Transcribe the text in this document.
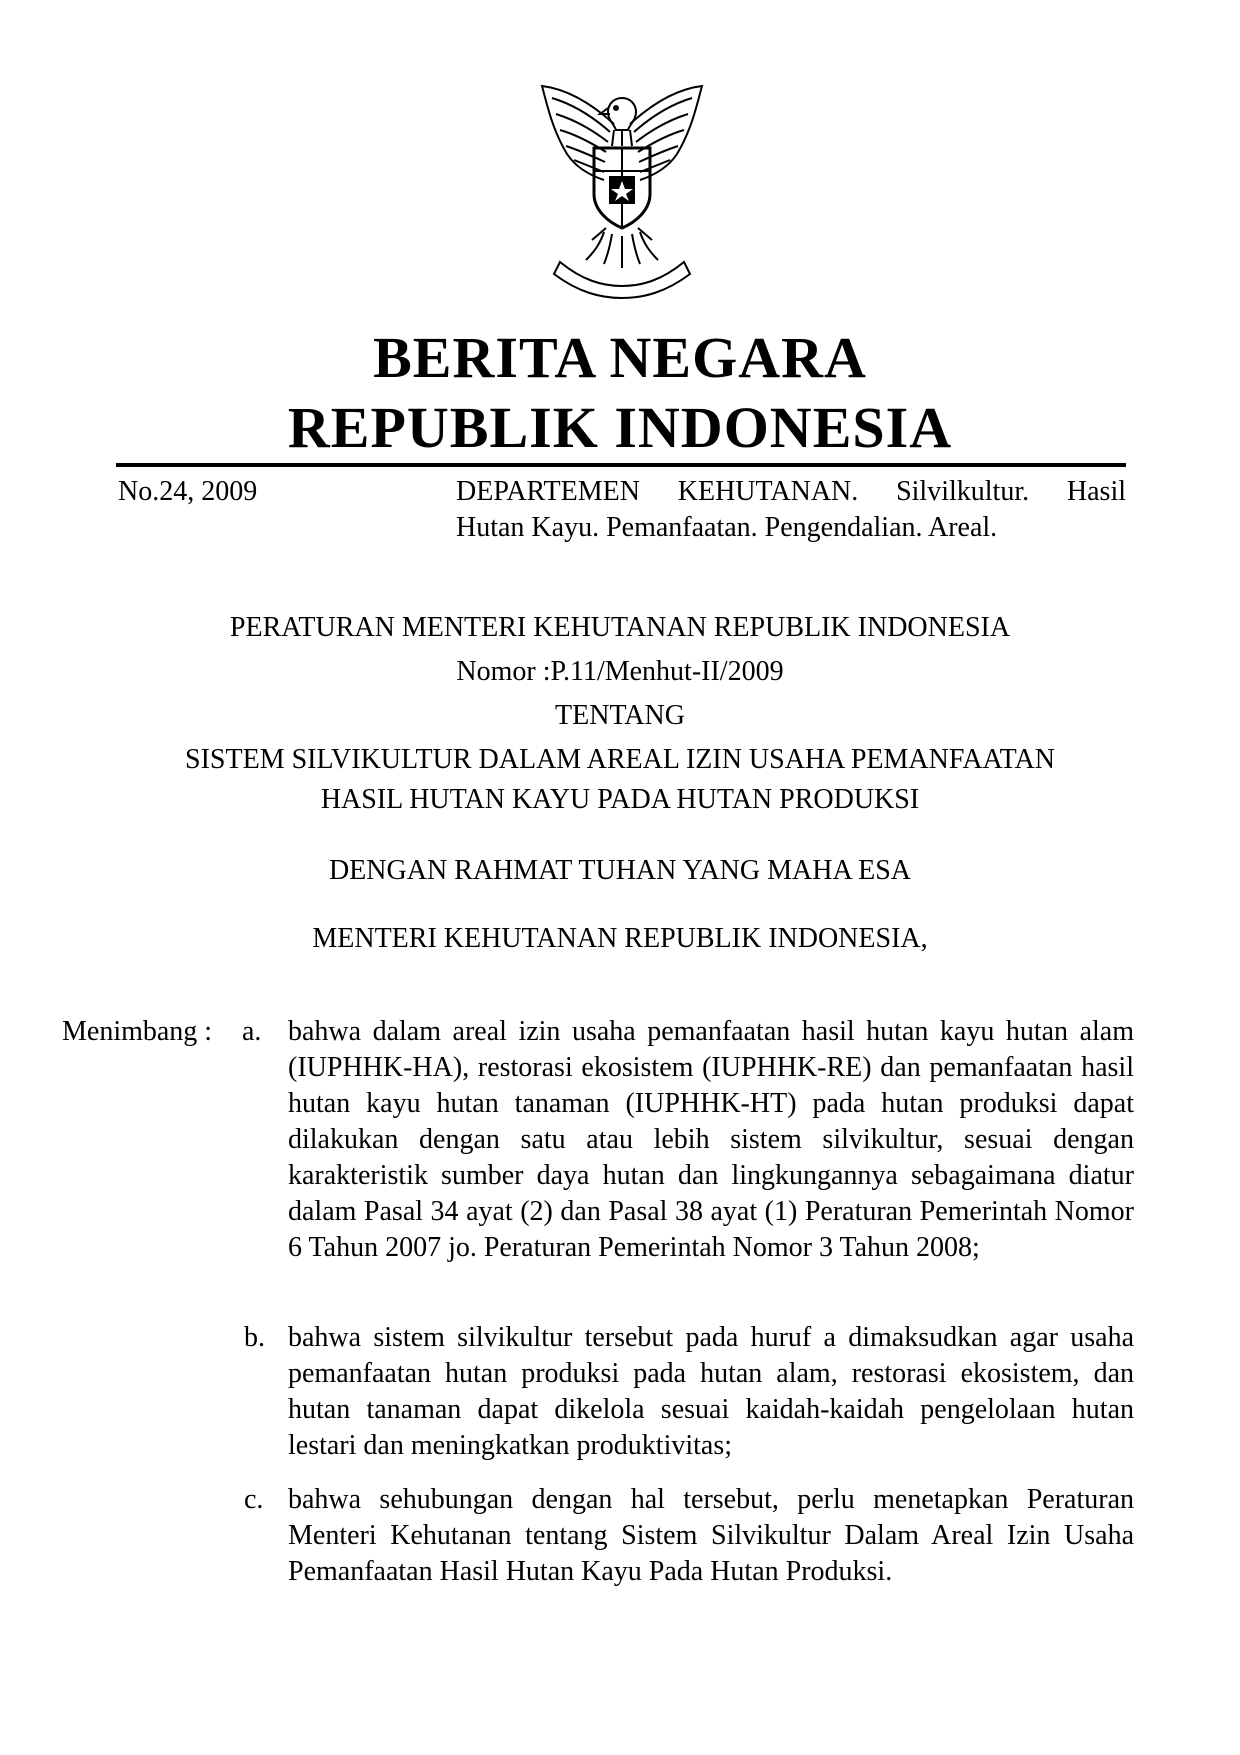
BERITA NEGARA
REPUBLIK INDONESIA
No.24, 2009	DEPARTEMEN KEHUTANAN. Silvilkultur. Hasil
Hutan Kayu. Pemanfaatan. Pengendalian. Areal.
PERATURAN MENTERI KEHUTANAN REPUBLIK INDONESIA
Nomor :P.11/Menhut-II/2009
TENTANG
SISTEM SILVIKULTUR DALAM AREAL IZIN USAHA PEMANFAATAN
HASIL HUTAN KAYU PADA HUTAN PRODUKSI
DENGAN RAHMAT TUHAN YANG MAHA ESA
MENTERI KEHUTANAN REPUBLIK INDONESIA,
Menimbang : a. bahwa dalam areal izin usaha pemanfaatan hasil hutan kayu hutan alam (IUPHHK-HA), restorasi ekosistem (IUPHHK-RE) dan pemanfaatan hasil hutan kayu hutan tanaman (IUPHHK-HT) pada hutan produksi dapat dilakukan dengan satu atau lebih sistem silvikultur, sesuai dengan karakteristik sumber daya hutan dan lingkungannya sebagaimana diatur dalam Pasal 34 ayat (2) dan Pasal 38 ayat (1) Peraturan Pemerintah Nomor 6 Tahun 2007 jo. Peraturan Pemerintah Nomor 3 Tahun 2008;
b. bahwa sistem silvikultur tersebut pada huruf a dimaksudkan agar usaha pemanfaatan hutan produksi pada hutan alam, restorasi ekosistem, dan hutan tanaman dapat dikelola sesuai kaidah-kaidah pengelolaan hutan lestari dan meningkatkan produktivitas;
c. bahwa sehubungan dengan hal tersebut, perlu menetapkan Peraturan Menteri Kehutanan tentang Sistem Silvikultur Dalam Areal Izin Usaha Pemanfaatan Hasil Hutan Kayu Pada Hutan Produksi.
